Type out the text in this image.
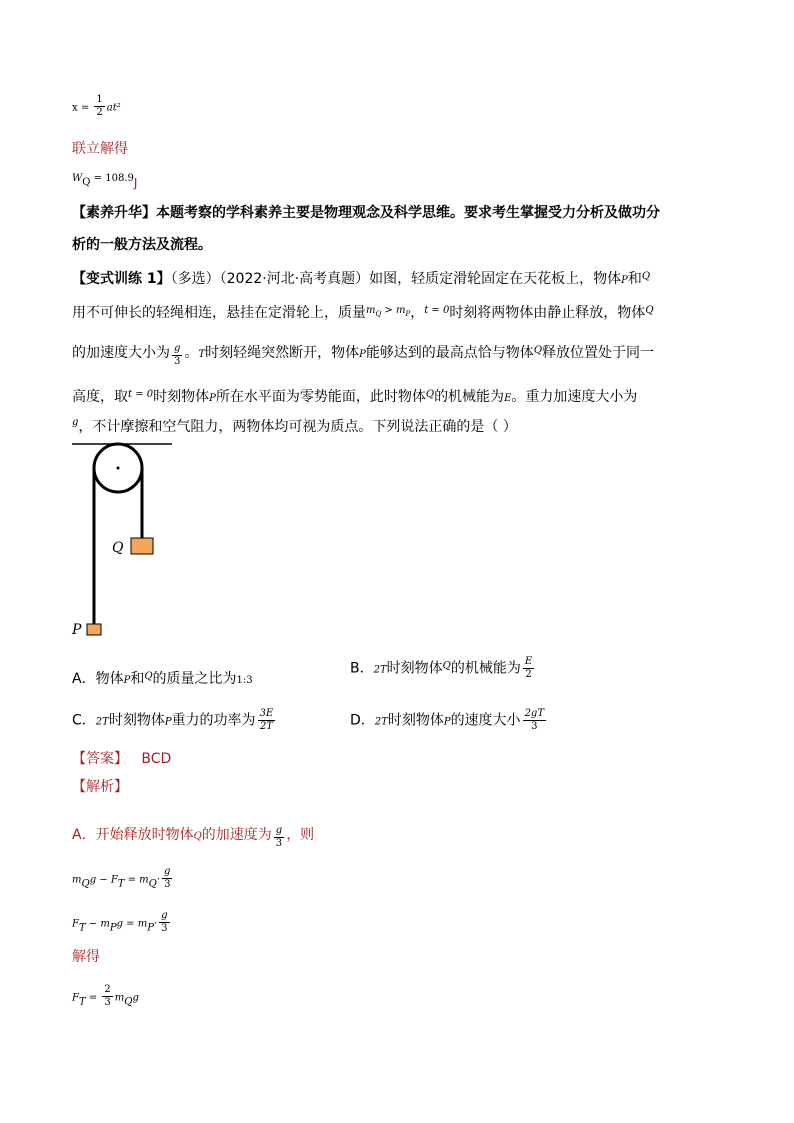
$x = \frac{1}{2} at^2$
联立解得
$W_Q = 108.9J$
【素养升华】本题考察的学科素养主要是物理观念及科学思维。要求考生掌握受力分析及做功分
析的一般方法及流程。
【变式训练 1】（多选）（2022·河北·高考真题）如图，轻质定滑轮固定在天花板上，物体P和$^Q$
用不可伸长的轻绳相连，悬挂在定滑轮上，质量$^{m_Q > m_P}$，$^{t = 0}$时刻将两物体由静止释放，物体$^Q$
的加速度大小为 $\frac{g}{3}$ 。T时刻轻绳突然断开，物体P能够达到的最高点恰与物体$^Q$释放位置处于同一
高度，取$^{t = 0}$时刻物体P所在水平面为零势能面，此时物体$^Q$的机械能为E。重力加速度大小为
$^g$，不计摩擦和空气阻力，两物体均可视为质点。下列说法正确的是（ ）
Q
P
A．物体P和$^Q$的质量之比为1:3
B．2T时刻物体$^Q$的机械能为 $\frac{E}{2}$
C．2T时刻物体P重力的功率为 $\frac{3E}{2T}$	D．2T时刻物体P的速度大小 $\frac{2gT}{3}$
【答案】 BCD
【解析】
A．开始释放时物体Q的加速度为 $\frac{g}{3}$ ，则
$m_Qg - F_T = m_Q\cdot \frac{g}{3}$
$F_T - m_Pg = m_P\cdot \frac{g}{3}$
解得
$F_T = \frac{2}{3} m_Qg$
